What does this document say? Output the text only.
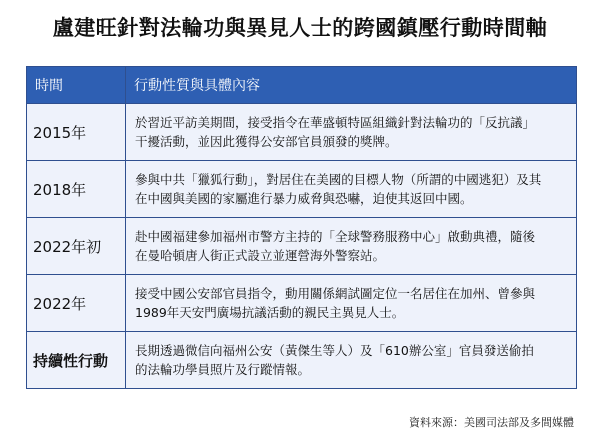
盧建旺針對法輪功與異見人士的跨國鎮壓行動時間軸
時間	行動性質與具體內容
2015年	於習近平訪美期間，接受指令在華盛頓特區組織針對法輪功的「反抗議」
干擾活動，並因此獲得公安部官員頒發的獎牌。

2018年	參與中共「獵狐行動」，對居住在美國的目標人物（所謂的中國逃犯）及其
在中國與美國的家屬進行暴力威脅與恐嚇，迫使其返回中國。

2022年初	赴中國福建參加福州市警方主持的「全球警務服務中心」啟動典禮，隨後
在曼哈頓唐人街正式設立並運營海外警察站。

2022年	接受中國公安部官員指令，動用關係網試圖定位一名居住在加州、曾參與
1989年天安門廣場抗議活動的親民主異見人士。

持續性行動	長期透過微信向福州公安（黃傑生等人）及「610辦公室」官員發送偷拍
的法輪功學員照片及行蹤情報。
資料來源：美國司法部及多間媒體
